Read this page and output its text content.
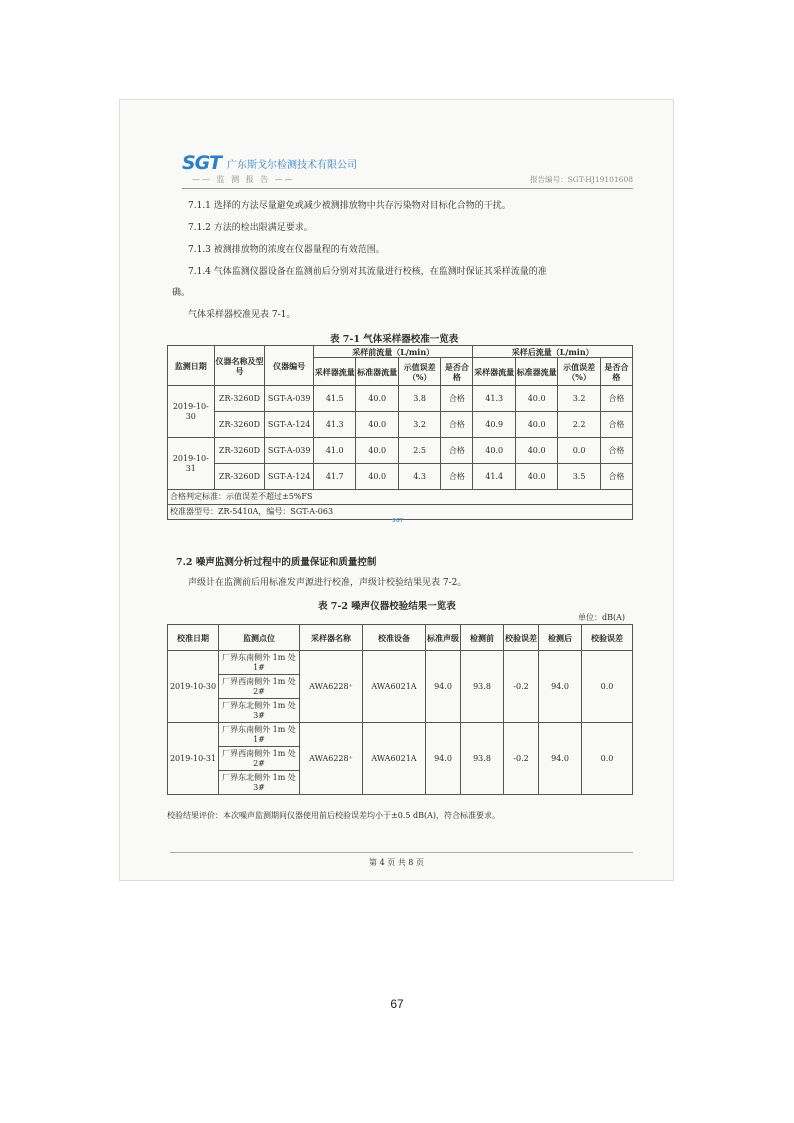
SGT 广东斯戈尔检测技术有限公司
—— 监 测 报 告 ——	报告编号：SGT-HJ19101608
7.1.1 选择的方法尽量避免或减少被测排放物中共存污染物对目标化合物的干扰。
7.1.2 方法的检出限满足要求。
7.1.3 被测排放物的浓度在仪器量程的有效范围。
7.1.4 气体监测仪器设备在监测前后分别对其流量进行校核，在监测时保证其采样流量的准
确。
气体采样器校准见表 7-1。
表 7-1 气体采样器校准一览表
监测日期	仪器名称及型号	仪器编号	采样前流量（L/min）				采样后流量（L/min）			
			采样器流量	标准器流量	示值误差（%）	是否合格	采样器流量	标准器流量	示值误差（%）	是否合格
2019-10-30	ZR-3260D	SGT-A-039	41.5	40.0	3.8	合格	41.3	40.0	3.2	合格
	ZR-3260D	SGT-A-124	41.3	40.0	3.2	合格	40.9	40.0	2.2	合格
2019-10-31	ZR-3260D	SGT-A-039	41.0	40.0	2.5	合格	40.0	40.0	0.0	合格
	ZR-3260D	SGT-A-124	41.7	40.0	4.3	合格	41.4	40.0	3.5	合格
合格判定标准：示值误差不超过±5%FS										
校准器型号：ZR-5410A，编号：SGT-A-063										
SGT
7.2 噪声监测分析过程中的质量保证和质量控制
声级计在监测前后用标准发声源进行校准，声级计校验结果见表 7-2。
表 7-2 噪声仪器校验结果一览表
单位：dB(A)
校准日期	监测点位	采样器名称	校准设备	标准声级	检测前	校验误差	检测后	校验误差
2019-10-30	厂界东南侧外 1m 处 1#	AWA6228⁺	AWA6021A	94.0	93.8	-0.2	94.0	0.0
	厂界西南侧外 1m 处 2#							
	厂界东北侧外 1m 处 3#							
2019-10-31	厂界东南侧外 1m 处 1#	AWA6228⁺	AWA6021A	94.0	93.8	-0.2	94.0	0.0
	厂界西南侧外 1m 处 2#							
	厂界东北侧外 1m 处 3#							
校验结果评价：本次噪声监测期间仪器使用前后校验误差均小于±0.5 dB(A)，符合标准要求。
第 4 页 共 8 页
67
